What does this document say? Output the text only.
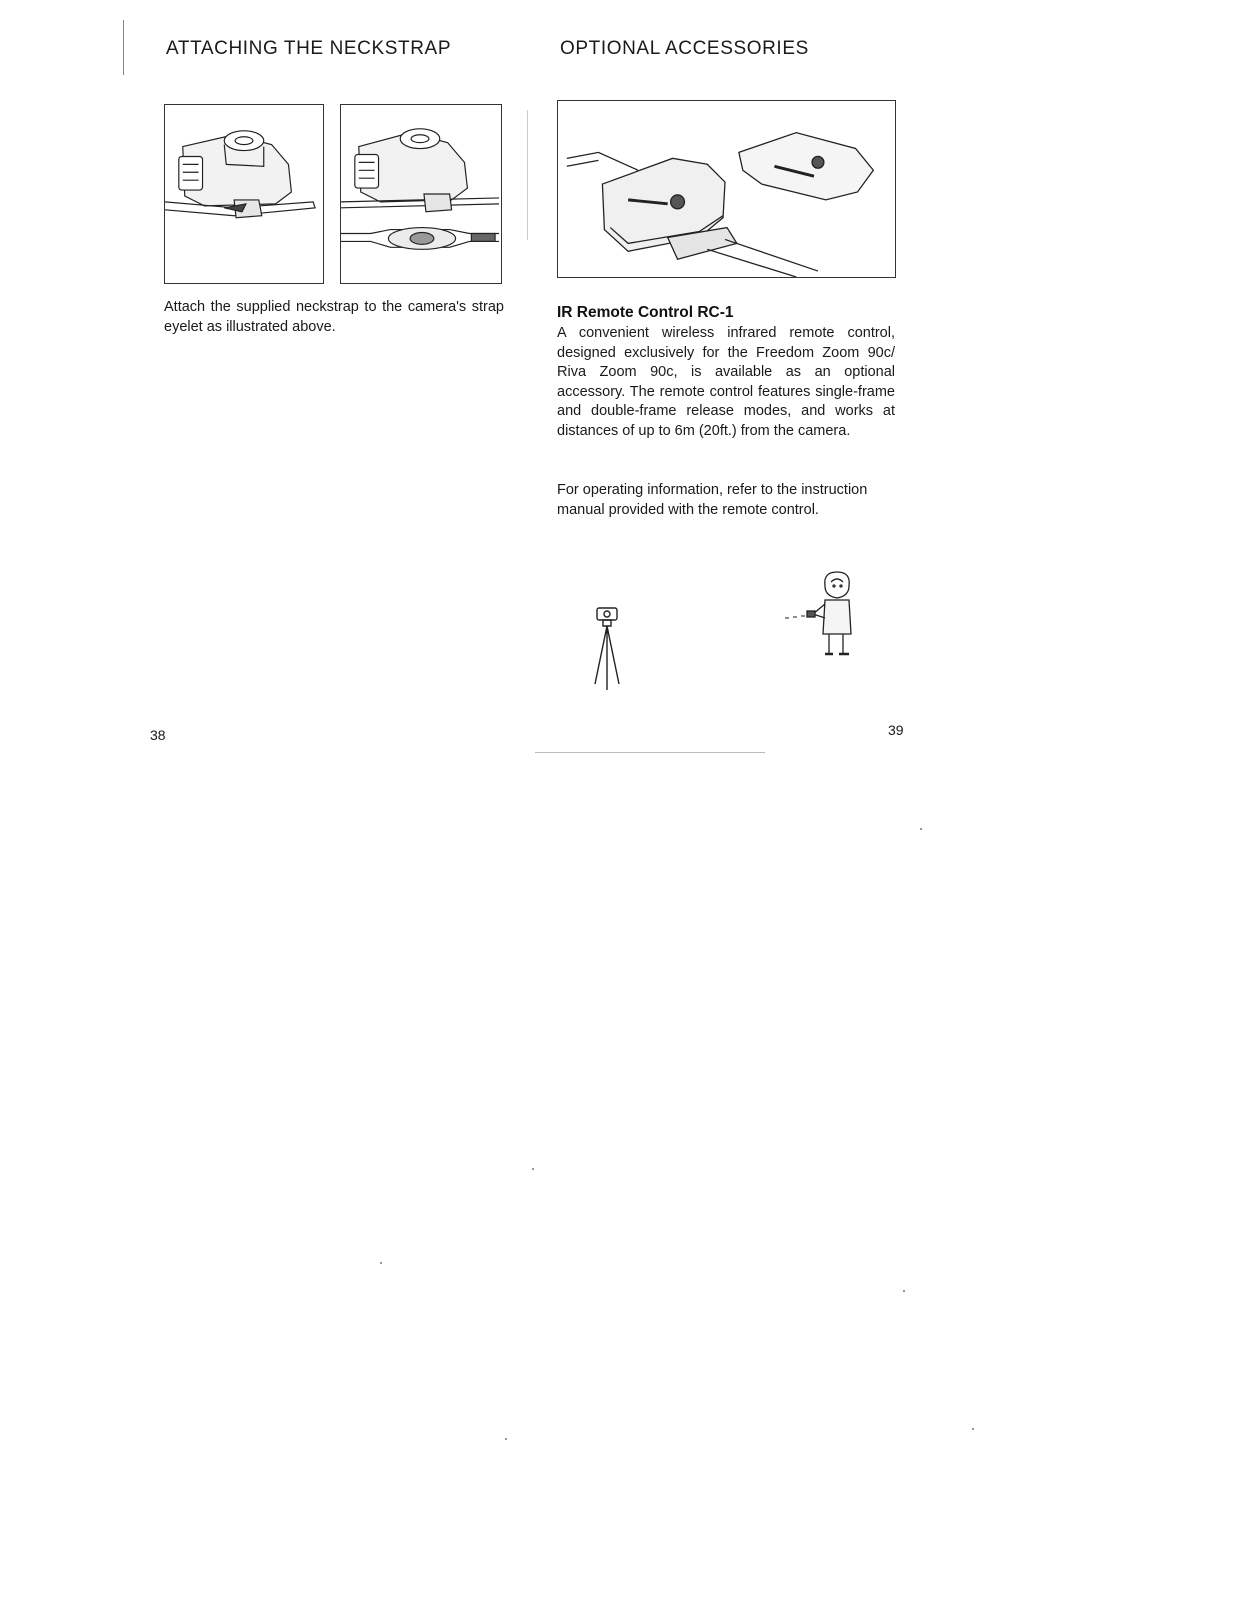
ATTACHING THE NECKSTRAP	OPTIONAL ACCESSORIES

Attach the supplied neckstrap to the camera's strap eyelet as illustrated above.

IR Remote Control RC-1

A convenient wireless infrared remote control, designed exclusively for the Freedom Zoom 90c/ Riva Zoom 90c, is available as an optional accessory. The remote control features single-frame and double-frame release modes, and works at distances of up to 6m (20ft.) from the camera.

For operating information, refer to the instruction manual provided with the remote control.

38	39
